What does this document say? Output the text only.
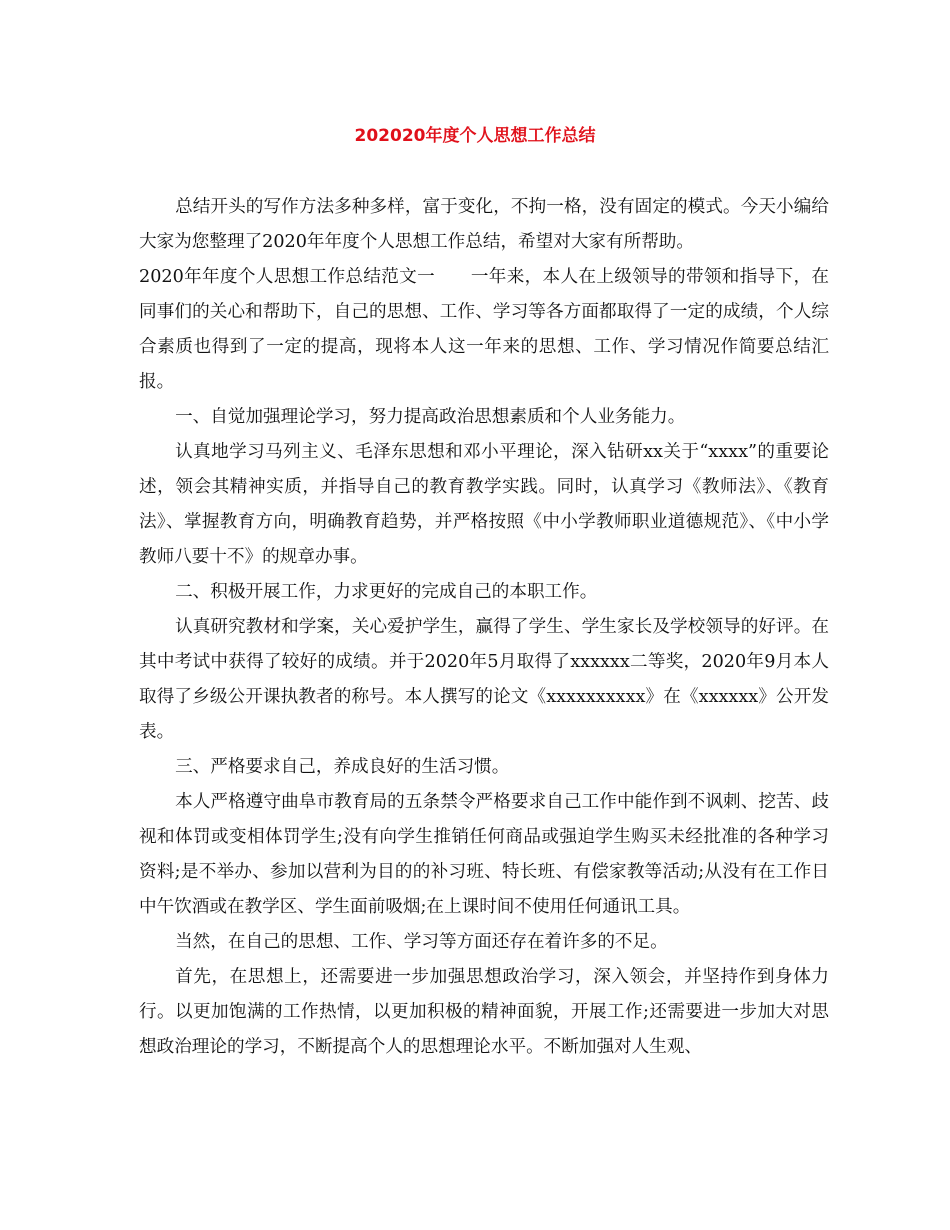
202020年度个人思想工作总结

总结开头的写作方法多种多样，富于变化，不拘一格，没有固定的模式。今天小编给大家为您整理了2020年年度个人思想工作总结，希望对大家有所帮助。

2020年年度个人思想工作总结范文一　　一年来，本人在上级领导的带领和指导下，在同事们的关心和帮助下，自己的思想、工作、学习等各方面都取得了一定的成绩，个人综合素质也得到了一定的提高，现将本人这一年来的思想、工作、学习情况作简要总结汇报。

一、自觉加强理论学习，努力提高政治思想素质和个人业务能力。

认真地学习马列主义、毛泽东思想和邓小平理论，深入钻研xx关于“xxxx”的重要论述，领会其精神实质，并指导自己的教育教学实践。同时，认真学习《教师法》、《教育法》、掌握教育方向，明确教育趋势，并严格按照《中小学教师职业道德规范》、《中小学教师八要十不》的规章办事。

二、积极开展工作，力求更好的完成自己的本职工作。

认真研究教材和学案，关心爱护学生，赢得了学生、学生家长及学校领导的好评。在其中考试中获得了较好的成绩。并于2020年5月取得了xxxxxx二等奖，2020年9月本人取得了乡级公开课执教者的称号。本人撰写的论文《xxxxxxxxxx》在《xxxxxx》公开发表。

三、严格要求自己，养成良好的生活习惯。

本人严格遵守曲阜市教育局的五条禁令严格要求自己工作中能作到不讽刺、挖苦、歧视和体罚或变相体罚学生;没有向学生推销任何商品或强迫学生购买未经批准的各种学习资料;是不举办、参加以营利为目的的补习班、特长班、有偿家教等活动;从没有在工作日中午饮酒或在教学区、学生面前吸烟;在上课时间不使用任何通讯工具。

当然，在自己的思想、工作、学习等方面还存在着许多的不足。

首先，在思想上，还需要进一步加强思想政治学习，深入领会，并坚持作到身体力行。以更加饱满的工作热情，以更加积极的精神面貌，开展工作;还需要进一步加大对思想政治理论的学习，不断提高个人的思想理论水平。不断加强对人生观、
